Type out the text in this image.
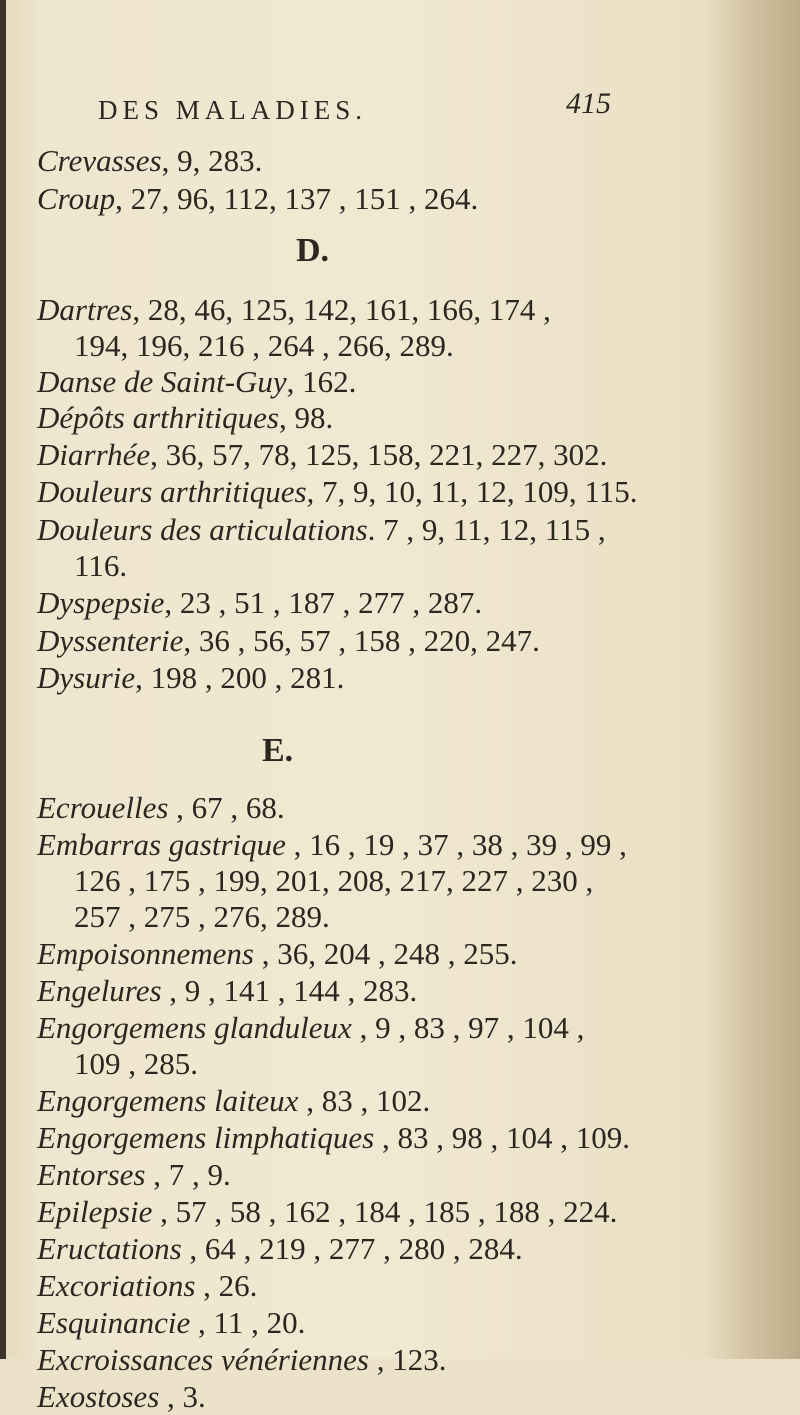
DES MALADIES.	415
Crevasses, 9, 283.
Croup, 27, 96, 112, 137 , 151 , 264.
D.
Dartres, 28, 46, 125, 142, 161, 166, 174 ,
194, 196, 216 , 264 , 266, 289.
Danse de Saint-Guy, 162.
Dépôts arthritiques, 98.
Diarrhée, 36, 57, 78, 125, 158, 221, 227, 302.
Douleurs arthritiques, 7, 9, 10, 11, 12, 109, 115.
Douleurs des articulations. 7 , 9, 11, 12, 115 ,
116.
Dyspepsie, 23 , 51 , 187 , 277 , 287.
Dyssenterie, 36 , 56, 57 , 158 , 220, 247.
Dysurie, 198 , 200 , 281.
E.
Ecrouelles , 67 , 68.
Embarras gastrique , 16 , 19 , 37 , 38 , 39 , 99 ,
126 , 175 , 199, 201, 208, 217, 227 , 230 ,
257 , 275 , 276, 289.
Empoisonnemens , 36, 204 , 248 , 255.
Engelures , 9 , 141 , 144 , 283.
Engorgemens glanduleux , 9 , 83 , 97 , 104 ,
109 , 285.
Engorgemens laiteux , 83 , 102.
Engorgemens limphatiques , 83 , 98 , 104 , 109.
Entorses , 7 , 9.
Epilepsie , 57 , 58 , 162 , 184 , 185 , 188 , 224.
Eructations , 64 , 219 , 277 , 280 , 284.
Excoriations , 26.
Esquinancie , 11 , 20.
Excroissances vénériennes , 123.
Exostoses , 3.
